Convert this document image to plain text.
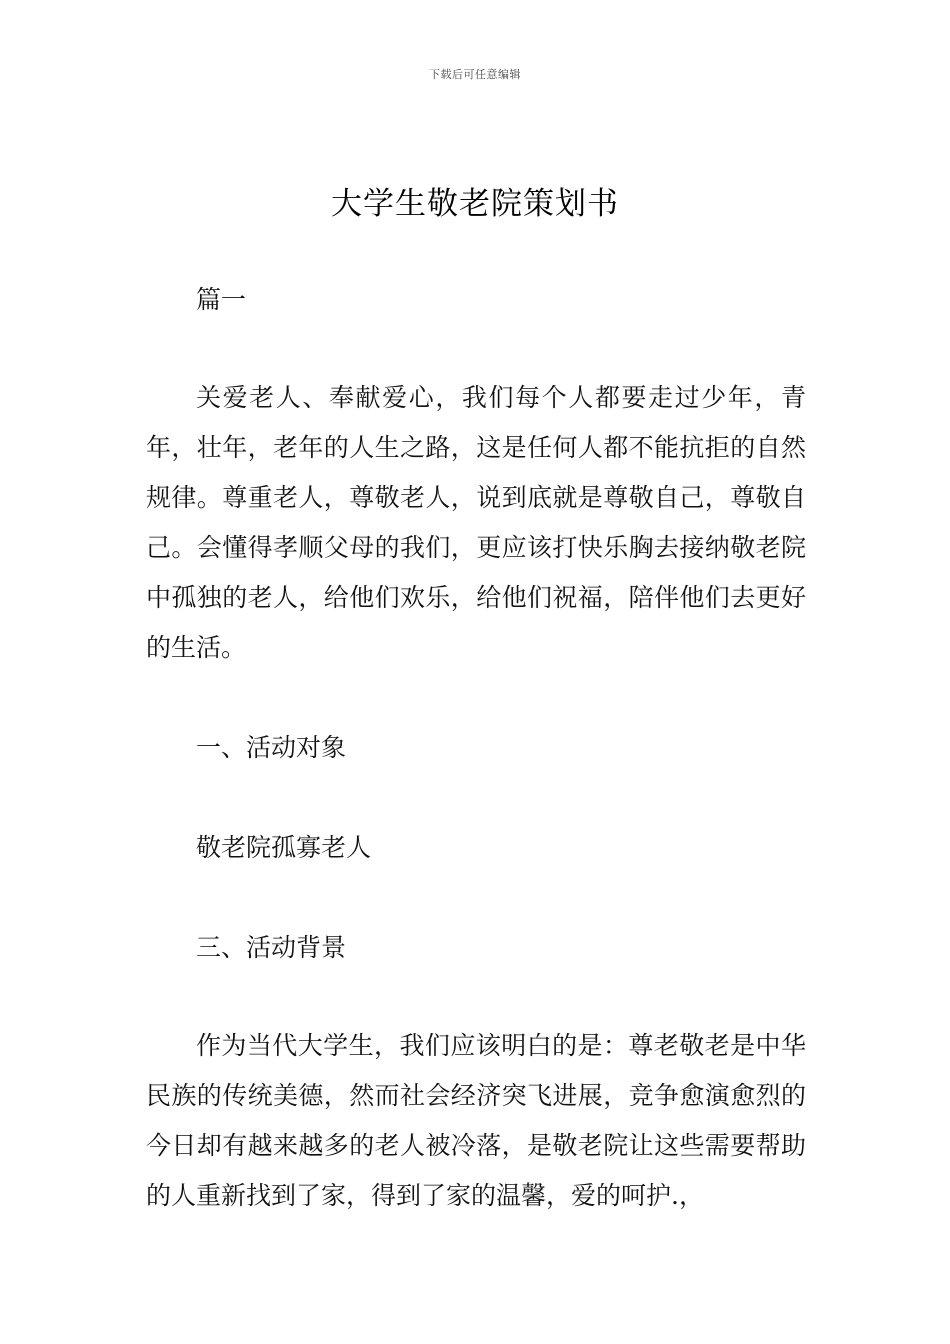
下载后可任意编辑
大学生敬老院策划书
篇一

关爱老人、奉献爱心，我们每个人都要走过少年，青年，壮年，老年的人生之路，这是任何人都不能抗拒的自然规律。尊重老人，尊敬老人，说到底就是尊敬自己，尊敬自己。会懂得孝顺父母的我们，更应该打快乐胸去接纳敬老院中孤独的老人，给他们欢乐，给他们祝福，陪伴他们去更好的生活。

一、活动对象
敬老院孤寡老人
三、活动背景

作为当代大学生，我们应该明白的是：尊老敬老是中华民族的传统美德，然而社会经济突飞进展，竞争愈演愈烈的今日却有越来越多的老人被冷落，是敬老院让这些需要帮助的人重新找到了家，得到了家的温馨，爱的呵护.，
